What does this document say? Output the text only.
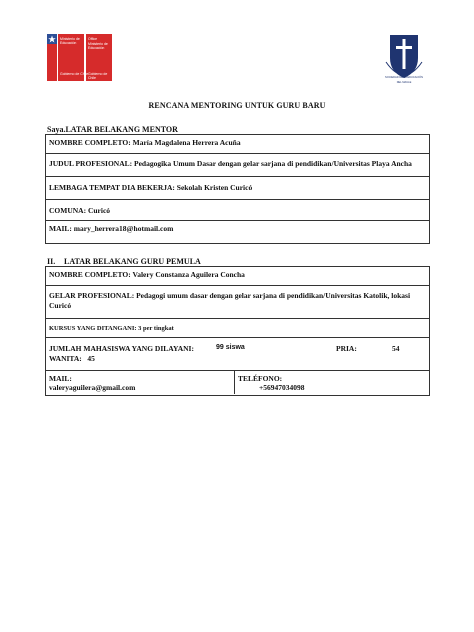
Ministerio de
Educación
Gobierno de Chile
Office
Ministerio de
Educación
Gobierno de Chile	SOCIEDAD DE LA EDUCACIÓN
DEL MAULE
RENCANA MENTORING UNTUK GURU BARU
Saya.LATAR BELAKANG MENTOR
NOMBRE COMPLETO: María Magdalena Herrera Acuña
JUDUL PROFESIONAL: Pedagogika Umum Dasar dengan gelar sarjana di pendidikan/Universitas Playa Ancha
LEMBAGA TEMPAT DIA BEKERJA: Sekolah Kristen Curicó
COMUNA: Curicó
MAIL: mary_herrera18@hotmail.com
II. LATAR BELAKANG GURU PEMULA
NOMBRE COMPLETO: Valery Constanza Aguilera Concha
GELAR PROFESIONAL: Pedagogi umum dasar dengan gelar sarjana di pendidikan/Universitas Katolik, lokasi
Curicó
KURSUS YANG DITANGANI: 3 per tingkat
JUMLAH MAHASISWA YANG DILAYANI:	99 siswa	PRIA:	54
WANITA:   45
MAIL:
valeryaguilera@gmail.com
TELÉFONO:
+56947034098
